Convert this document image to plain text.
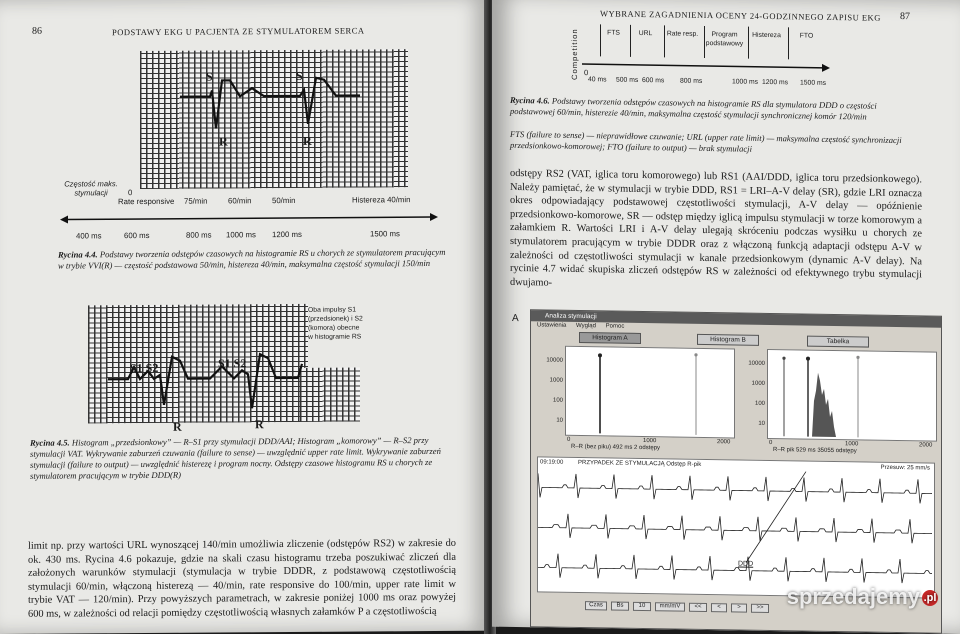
86	PODSTAWY EKG U PACJENTA ZE STYMULATOREM SERCA
S	S
R	R
Częstość maks. stymulacji	0
Rate responsive 75/min	60/min	50/min	Histereza 40/min
400 ms	600 ms	800 ms 1000 ms 1200 ms	1500 ms
Rycina 4.4. Podstawy tworzenia odstępów czasowych na histogramie RS u chorych ze stymulatorem pracującym w trybie VVI(R) — częstość podstawowa 50/min, histereza 40/min, maksymalna częstość stymulacji 150/min
Oba impulsy S1 (przedsionek) i S2 (komora) obecne w histogramie RS
S1 S2	S1 S2
R	R
Rycina 4.5. Histogram „przedsionkowy” — R–S1 przy stymulacji DDD/AAI; Histogram „komorowy” — R–S2 przy stymulacji VAT. Wykrywanie zaburzeń czuwania (failure to sense) — uwzględnić upper rate limit. Wykrywanie zaburzeń stymulacji (failure to output) — uwzględnić histerezę i program nocny. Odstępy czasowe histogramu RS u chorych ze stymulatorem pracującym w trybie DDD(R)
limit np. przy wartości URL wynoszącej 140/min umożliwia zliczenie (odstępów RS2) w zakresie do ok. 430 ms. Rycina 4.6 pokazuje, gdzie na skali czasu histogramu trzeba poszukiwać zliczeń dla założonych warunków stymulacji (stymulacja w trybie DDDR, z podstawową częstotliwością stymulacji 60/min, włączoną histerezą — 40/min, rate responsive do 100/min, upper rate limit w trybie VAT — 120/min). Przy powyższych parametrach, w zakresie poniżej 1000 ms oraz powyżej 600 ms, w zależności od relacji pomiędzy częstotliwością własnych załamków P a częstotliwością
WYBRANE ZAGADNIENIA OCENY 24-GODZINNEGO ZAPISU EKG 87
Competition 0
FTS	URL	Rate resp.	Program podstawowy
Histereza	FTO
40 ms 500 ms 600 ms 800 ms	1000 ms 1200 ms 1500 ms
Rycina 4.6. Podstawy tworzenia odstępów czasowych na histogramie RS dla stymulatora DDD o częstości podstawowej 60/min, histerezie 40/min, maksymalna częstość stymulacji synchronicznej komór 120/min
FTS (failure to sense) — nieprawidłowe czuwanie; URL (upper rate limit) — maksymalna częstość synchronizacji przedsionkowo-komorowej; FTO (failure to output) — brak stymulacji
odstępy RS2 (VAT, iglica toru komorowego) lub RS1 (AAI/DDD, iglica toru przedsionkowego). Należy pamiętać, że w stymulacji w trybie DDD, RS1 = LRI–A-V delay (SR), gdzie LRI oznacza okres odpowiadający podstawowej częstotliwości stymulacji, A-V delay — opóźnienie przedsionkowo-komorowe, SR — odstęp między iglicą impulsu stymulacji w torze komorowym a załamkiem R. Wartości LRI i A-V delay ulegają skróceniu podczas wysiłku u chorych ze stymulatorem pracującym w trybie DDDR oraz z włączoną funkcją adaptacji odstępu A-V w zależności od częstotliwości stymulacji w kanale przedsionkowym (dynamic A-V delay). Na rycinie 4.7 widać skupiska zliczeń odstępów RS w zależności od efektywnego trybu stymulacji dwujamo-
A	Analiza stymulacji
Ustawienia Wygląd Pomoc
Histogram A	Histogram B	Tabelka
10000
1000
100
10
0	1000	2000
R–R (bez piku) 492 ms 2 odstępy
10000
1000
100
10
0	1000	2000
R–R pik 529 ms 35055 odstępy
09:19:00 PRZYPADEK ZE STYMULACJĄ Odstęp R-pik
Przesuw: 25 mm/s
DDD
Czas	Bs	10	mm/mV	<<	<	>	>> sprzedajemy .pl
